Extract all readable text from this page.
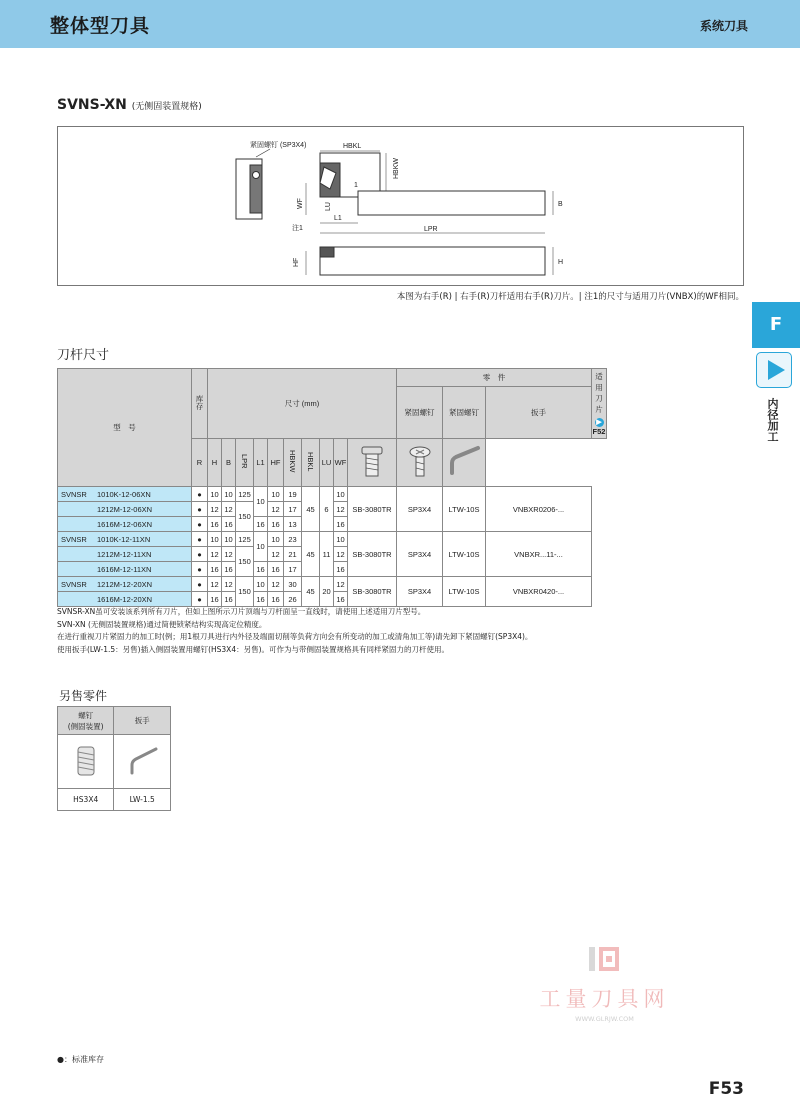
整体型刀具	系统刀具
SVNS-XN (无侧固装置规格)
紧固螺钉 (SP3X4)	HBKL
HBKW
WF	LU
1
L1
注1	LPR
B
HF	H
本图为右手(R) | 右手(R)刀杆适用右手(R)刀片。| 注1的尺寸与适用刀片(VNBX)的WF相同。
F
内径加工
刀杆尺寸
型　号	库存	尺寸 (mm)										零　件			适用刀片
▶ F52

												紧固螺钉	紧固螺钉	扳手	
	R	H	B	LPR	L1	HF	HBKW	HBKL	LU	WF			
SVNSR 1010K-12-06XN	●	10	10	125	10	10	19	45	6	10	SB-3080TR	SP3X4	LTW-10S	VNBXR0206-...	
1212M-12-06XN	●	12	12	150		12	17			12					
1616M-12-06XN	●	16	16		16	16	13			16					
SVNSR 1010K-12-11XN	●	10	10	125	10	10	23	45	11	10	SB-3080TR	SP3X4	LTW-10S	VNBXR...11-...	
1212M-12-11XN	●	12	12	150		12	21			12					
1616M-12-11XN	●	16	16		16	16	17			16					
SVNSR 1212M-12-20XN	●	12	12	150	10	12	30	45	20	12	SB-3080TR	SP3X4	LTW-10S	VNBXR0420-...	
1616M-12-20XN	●	16	16		16	16	26			16					
SVNSR-XN虽可安装该系列所有刀片，但如上图所示刀片顶端与刀杆面呈一直线时，请使用上述适用刀片型号。
SVN-XN (无侧固装置规格)通过简便锁紧结构实现高定位精度。
在进行重视刀片紧固力的加工时(例；用1根刀具进行内外径及端面切削等负荷方向会有所变动的加工或清角加工等)请先卸下紧固螺钉(SP3X4)。
使用扳手(LW-1.5：另售)插入侧固装置用螺钉(HS3X4：另售)。可作为与带侧固装置规格具有同样紧固力的刀杆使用。
另售零件
螺钉
(侧固装置)	扳手

HS3X4	LW-1.5
工量刀具网
WWW.GLRJW.COM
●：标准库存
F53
